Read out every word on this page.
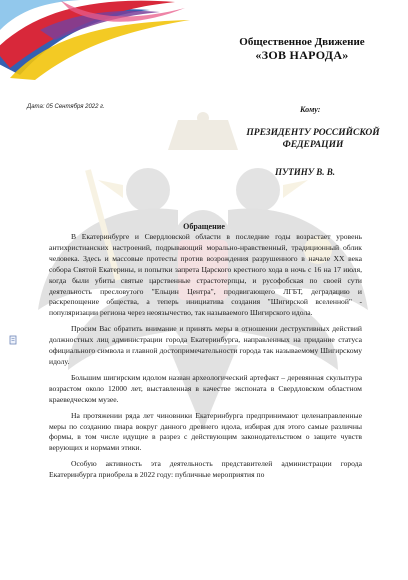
Общественное Движение
«ЗОВ НАРОДА»
Дата: 05 Сентября 2022 г.	Кому:
ПРЕЗИДЕНТУ РОССИЙСКОЙ ФЕДЕРАЦИИ
ПУТИНУ В. В.
Обращение

В Екатеринбурге и Свердловской области в последние годы возрастает уровень антихристианских настроений, подрывающий морально-нравственный, традиционный облик человека. Здесь и массовые протесты против возрождения разрушенного в начале XX века собора Святой Екатерины, и попытки запрета Царского крестного хода в ночь с 16 на 17 июля, когда были убиты святые царственные страстотерпцы, и русофобская по своей сути деятельность пресловутого "Ельцин Центра", продвигающего ЛГБТ, деградацию и раскрепощение общества, а теперь инициатива создания "Шигирской вселенной" - популяризации региона через неоязычество, так называемого Шигирского идола.

Просим Вас обратить внимание и принять меры в отношении деструктивных действий должностных лиц администрации города Екатеринбурга, направленных на придание статуса официального символа и главной достопримечательности города так называемому Шигирскому идолу.

Большим шигирским идолом назван археологический артефакт – деревянная скульптура возрастом около 12000 лет, выставленная в качестве экспоната в Свердловском областном краеведческом музее.

На протяжении ряда лет чиновники Екатеринбурга предпринимают целенаправленные меры по созданию пиара вокруг данного древнего идола, избирая для этого самые различны формы, в том числе идущие в разрез с действующим законодательством о защите чувств верующих и нормами этики.

Особую активность эта деятельность представителей администрации города Екатеринбурга приобрела в 2022 году: публичные мероприятия по
